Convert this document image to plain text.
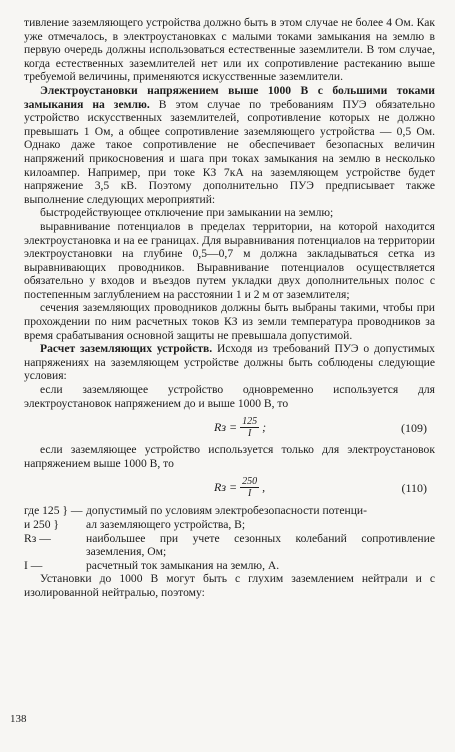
тивление заземляющего устройства должно быть в этом случае не более 4 Ом. Как уже отмечалось, в электроустановках с малыми токами замыкания на землю в первую очередь должны использоваться естественные заземлители. В том случае, когда естественных заземлителей нет или их сопротивление растеканию выше требуемой величины, применяются искусственные заземлители.

Электроустановки напряжением выше 1000 В с большими токами замыкания на землю. В этом случае по требованиям ПУЭ обязательно устройство искусственных заземлителей, сопротивление которых не должно превышать 1 Ом, а общее сопротивление заземляющего устройства — 0,5 Ом. Однако даже такое сопротивление не обеспечивает безопасных величин напряжений прикосновения и шага при токах замыкания на землю в несколько килоампер. Например, при токе КЗ 7кА на заземляющем устройстве будет напряжение 3,5 кВ. Поэтому дополнительно ПУЭ предписывает также выполнение следующих мероприятий:

быстродействующее отключение при замыкании на землю;

выравнивание потенциалов в пределах территории, на которой находится электроустановка и на ее границах. Для выравнивания потенциалов на территории электроустановки на глубине 0,5—0,7 м должна закладываться сетка из выравнивающих проводников. Выравнивание потенциалов осуществляется обязательно у входов и въездов путем укладки двух дополнительных полос с постепенным заглублением на расстоянии 1 и 2 м от заземлителя;

сечения заземляющих проводников должны быть выбраны такими, чтобы при прохождении по ним расчетных токов КЗ из земли температура проводников за время срабатывания основной защиты не превышала допустимой.

Расчет заземляющих устройств. Исходя из требований ПУЭ о допустимых напряжениях на заземляющем устройстве должны быть соблюдены следующие условия:

если заземляющее устройство одновременно используется для электроустановок напряжением до и выше 1000 В, то

Rз = $\frac{125}{I}$ ;	(109)

если заземляющее устройство используется только для электроустановок напряжением выше 1000 В, то

Rз = $\frac{250}{I}$ ,	(110)
где 125 } — допустимый по условиям электробезопасности потенци-
и 250 }	ал заземляющего устройства, В;
Rз —	наибольшее при учете сезонных колебаний сопротивление заземления, Ом;
I —	расчетный ток замыкания на землю, А.

Установки до 1000 В могут быть с глухим заземлением нейтрали и с изолированной нейтралью, поэтому:

138
